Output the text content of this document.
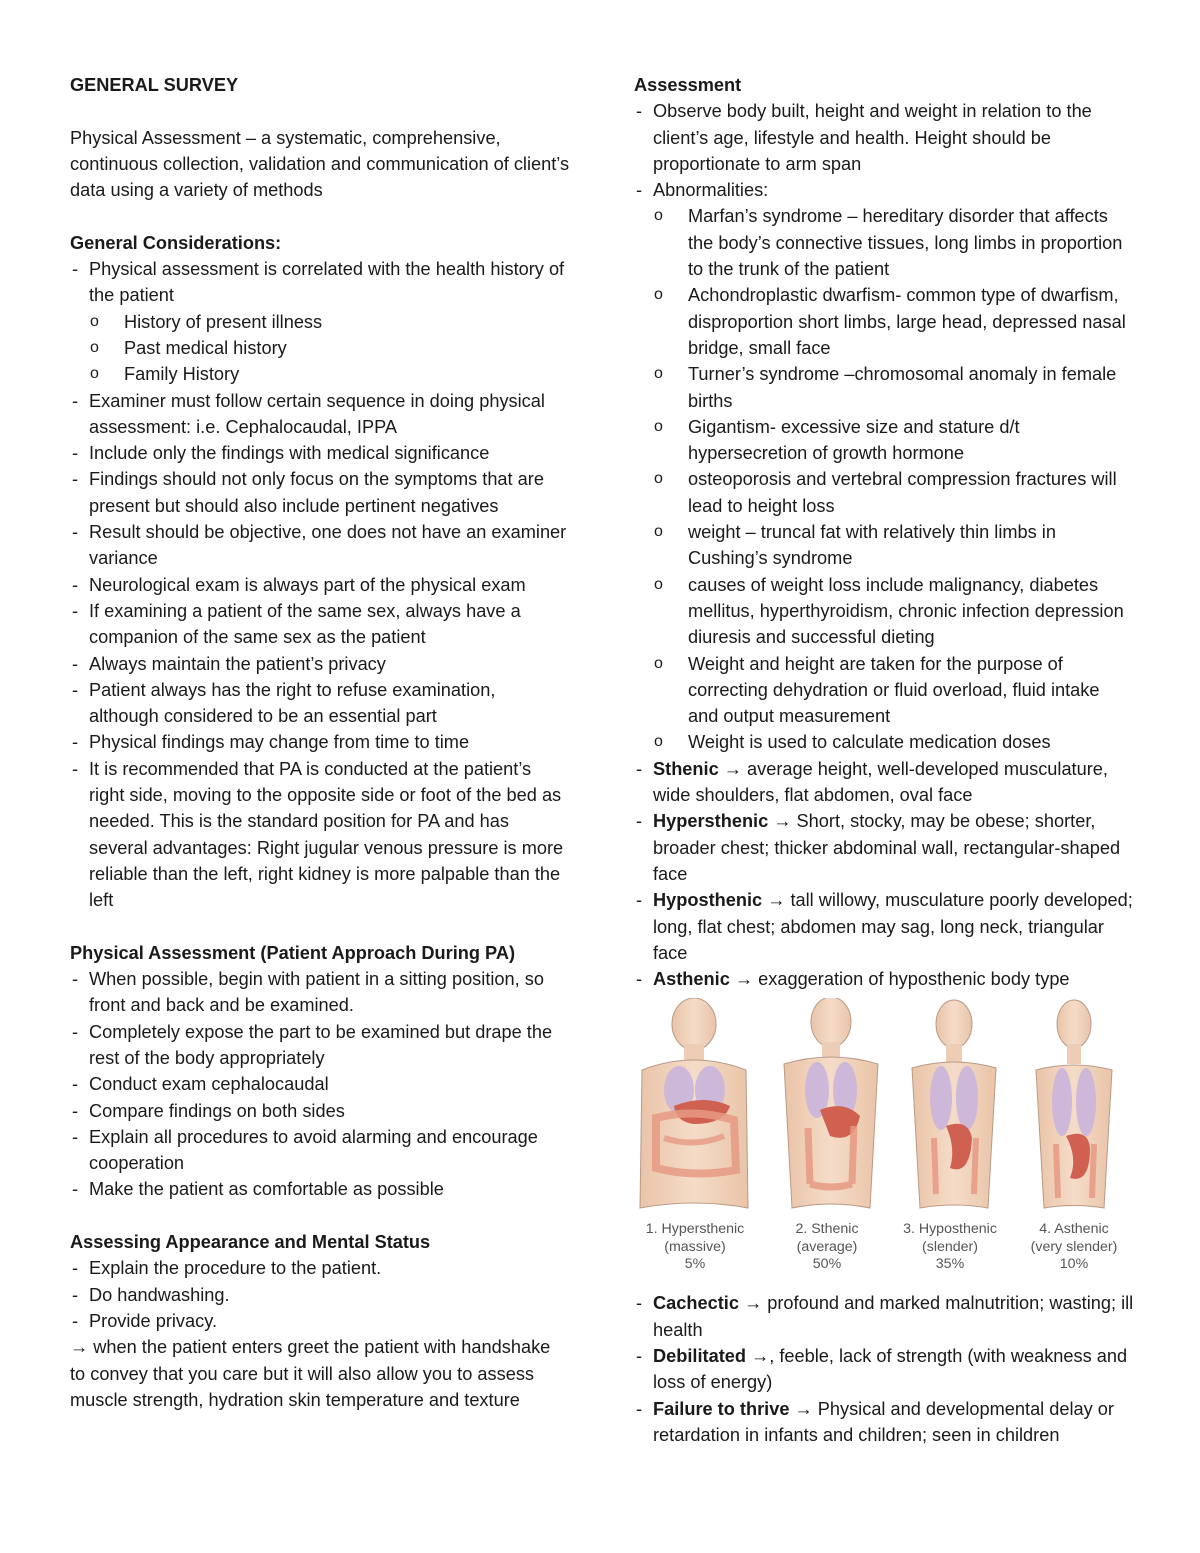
GENERAL SURVEY

Physical Assessment – a systematic, comprehensive, continuous collection, validation and communication of client’s data using a variety of methods

General Considerations:

- Physical assessment is correlated with the health history of the patient

o History of present illness

o Past medical history

o Family History

- Examiner must follow certain sequence in doing physical assessment: i.e. Cephalocaudal, IPPA

- Include only the findings with medical significance

- Findings should not only focus on the symptoms that are present but should also include pertinent negatives

- Result should be objective, one does not have an examiner variance

- Neurological exam is always part of the physical exam

- If examining a patient of the same sex, always have a companion of the same sex as the patient

- Always maintain the patient’s privacy

- Patient always has the right to refuse examination, although considered to be an essential part

- Physical findings may change from time to time

- It is recommended that PA is conducted at the patient’s right side, moving to the opposite side or foot of the bed as needed. This is the standard position for PA and has several advantages: Right jugular venous pressure is more reliable than the left, right kidney is more palpable than the left

Physical Assessment (Patient Approach During PA)

- When possible, begin with patient in a sitting position, so front and back and be examined.

- Completely expose the part to be examined but drape the rest of the body appropriately

- Conduct exam cephalocaudal

- Compare findings on both sides

- Explain all procedures to avoid alarming and encourage cooperation

- Make the patient as comfortable as possible

Assessing Appearance and Mental Status

- Explain the procedure to the patient.

- Do handwashing.

- Provide privacy.

→ when the patient enters greet the patient with handshake to convey that you care but it will also allow you to assess muscle strength, hydration skin temperature and texture

Assessment

- Observe body built, height and weight in relation to the client’s age, lifestyle and health. Height should be proportionate to arm span

- Abnormalities:

o Marfan’s syndrome – hereditary disorder that affects the body’s connective tissues, long limbs in proportion to the trunk of the patient

o Achondroplastic dwarfism- common type of dwarfism, disproportion short limbs, large head, depressed nasal bridge, small face

o Turner’s syndrome –chromosomal anomaly in female births

o Gigantism- excessive size and stature d/t hypersecretion of growth hormone

o osteoporosis and vertebral compression fractures will lead to height loss

o weight – truncal fat with relatively thin limbs in Cushing’s syndrome

o causes of weight loss include malignancy, diabetes mellitus, hyperthyroidism, chronic infection depression diuresis and successful dieting

o Weight and height are taken for the purpose of correcting dehydration or fluid overload, fluid intake and output measurement

o Weight is used to calculate medication doses

- Sthenic → average height, well-developed musculature, wide shoulders, flat abdomen, oval face

- Hypersthenic → Short, stocky, may be obese; shorter, broader chest; thicker abdominal wall, rectangular-shaped face

- Hyposthenic → tall willowy, musculature poorly developed; long, flat chest; abdomen may sag, long neck, triangular face

- Asthenic → exaggeration of hyposthenic body type

1. Hypersthenic
(massive)
5%
2. Sthenic
(average)
50%
3. Hyposthenic
(slender)
35%
4. Asthenic
(very slender)
10%

- Cachectic → profound and marked malnutrition; wasting; ill health

- Debilitated →, feeble, lack of strength (with weakness and loss of energy)

- Failure to thrive → Physical and developmental delay or retardation in infants and children; seen in children
